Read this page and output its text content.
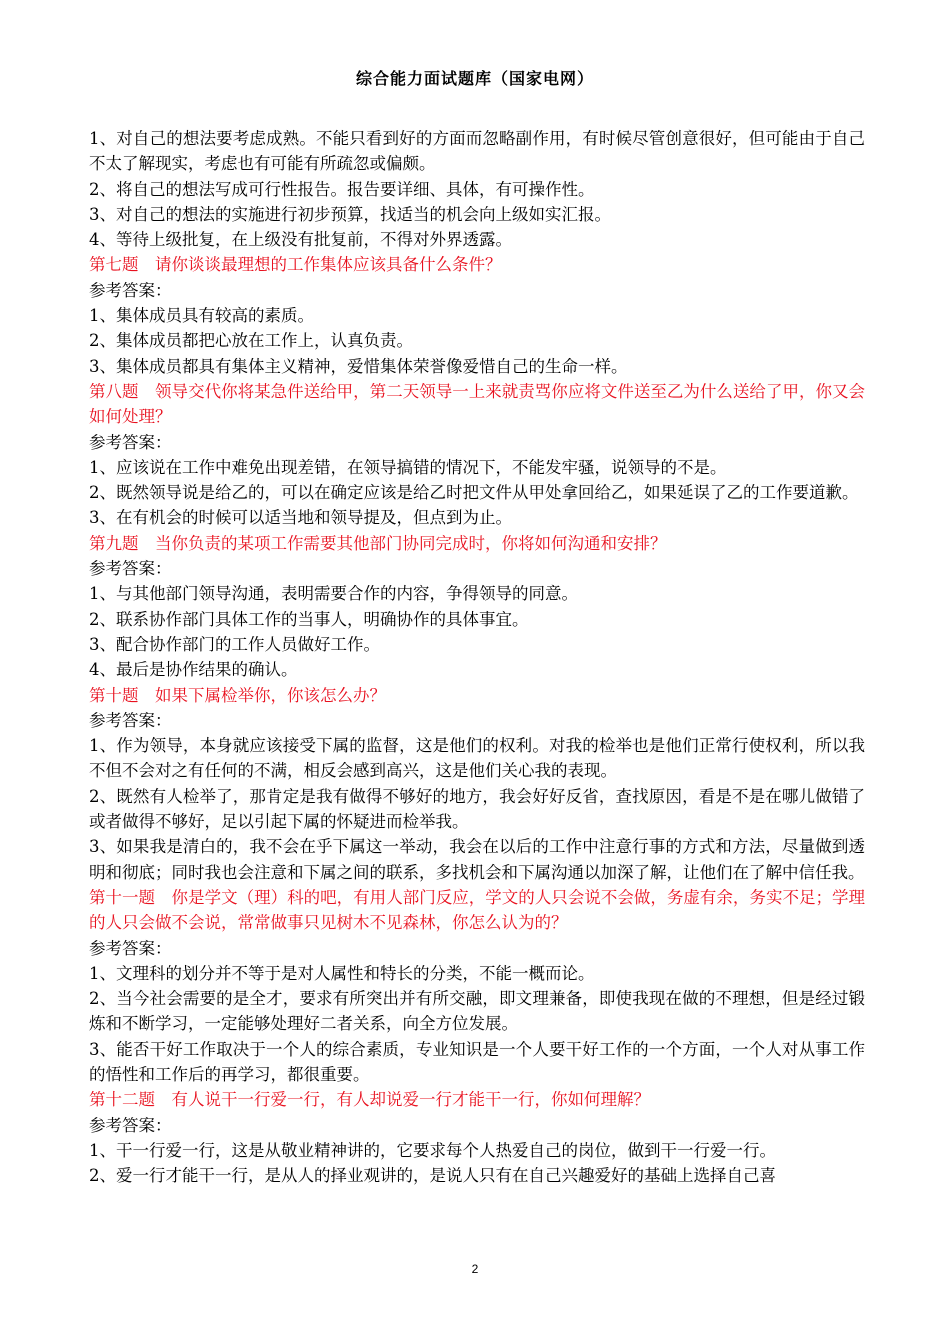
综合能力面试题库（国家电网）

1、对自己的想法要考虑成熟。不能只看到好的方面而忽略副作用，有时候尽管创意很好，但可能由于自己不太了解现实，考虑也有可能有所疏忽或偏颇。

2、将自己的想法写成可行性报告。报告要详细、具体，有可操作性。

3、对自己的想法的实施进行初步预算，找适当的机会向上级如实汇报。

4、等待上级批复，在上级没有批复前，不得对外界透露。

第七题　请你谈谈最理想的工作集体应该具备什么条件？

参考答案：

1、集体成员具有较高的素质。

2、集体成员都把心放在工作上，认真负责。

3、集体成员都具有集体主义精神，爱惜集体荣誉像爱惜自己的生命一样。

第八题　领导交代你将某急件送给甲，第二天领导一上来就责骂你应将文件送至乙为什么送给了甲，你又会如何处理？

参考答案：

1、应该说在工作中难免出现差错，在领导搞错的情况下，不能发牢骚，说领导的不是。

2、既然领导说是给乙的，可以在确定应该是给乙时把文件从甲处拿回给乙，如果延误了乙的工作要道歉。

3、在有机会的时候可以适当地和领导提及，但点到为止。

第九题　当你负责的某项工作需要其他部门协同完成时，你将如何沟通和安排？

参考答案：

1、与其他部门领导沟通，表明需要合作的内容，争得领导的同意。

2、联系协作部门具体工作的当事人，明确协作的具体事宜。

3、配合协作部门的工作人员做好工作。

4、最后是协作结果的确认。

第十题　如果下属检举你，你该怎么办？

参考答案：

1、作为领导，本身就应该接受下属的监督，这是他们的权利。对我的检举也是他们正常行使权利，所以我不但不会对之有任何的不满，相反会感到高兴，这是他们关心我的表现。

2、既然有人检举了，那肯定是我有做得不够好的地方，我会好好反省，查找原因，看是不是在哪儿做错了或者做得不够好，足以引起下属的怀疑进而检举我。

3、如果我是清白的，我不会在乎下属这一举动，我会在以后的工作中注意行事的方式和方法，尽量做到透明和彻底；同时我也会注意和下属之间的联系，多找机会和下属沟通以加深了解，让他们在了解中信任我。

第十一题　你是学文（理）科的吧，有用人部门反应，学文的人只会说不会做，务虚有余，务实不足；学理的人只会做不会说，常常做事只见树木不见森林，你怎么认为的？

参考答案：

1、文理科的划分并不等于是对人属性和特长的分类，不能一概而论。

2、当今社会需要的是全才，要求有所突出并有所交融，即文理兼备，即使我现在做的不理想，但是经过锻炼和不断学习，一定能够处理好二者关系，向全方位发展。

3、能否干好工作取决于一个人的综合素质，专业知识是一个人要干好工作的一个方面，一个人对从事工作的悟性和工作后的再学习，都很重要。

第十二题　有人说干一行爱一行，有人却说爱一行才能干一行，你如何理解？

参考答案：

1、干一行爱一行，这是从敬业精神讲的，它要求每个人热爱自己的岗位，做到干一行爱一行。

2、爱一行才能干一行，是从人的择业观讲的，是说人只有在自己兴趣爱好的基础上选择自己喜

2
